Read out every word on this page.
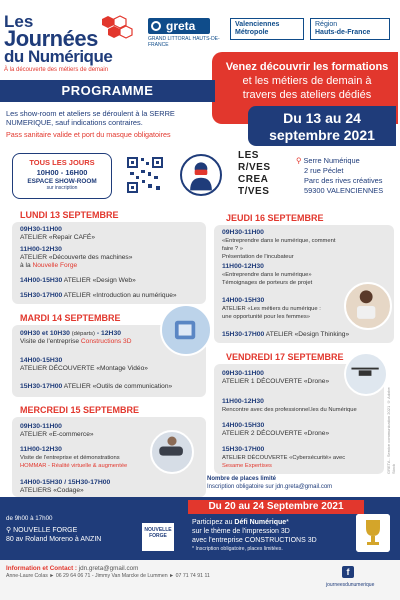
Les
Journées
du Numérique
À la découverte des métiers de demain
greta
GRAND LITTORAL HAUTS-DE-FRANCE
Valenciennes
Métropole
Région
Hauts-de-France
Venez découvrir les formations
et les métiers de demain à
travers des ateliers dédiés
PROGRAMME
Les show-room et ateliers se déroulent à la SERRE NUMERIQUE, sauf indications contraires.
Pass sanitaire valide et port du masque obligatoires
Du 13 au 24
septembre 2021
TOUS LES JOURS
10H00 - 16H00
ESPACE SHOW-ROOM
sur inscription
LES
R/VES
CREA
T/VES
⚲ Serre Numérique
2 rue Péclet
Parc des rives créatives
59300 VALENCIENNES
LUNDI 13 SEPTEMBRE
09H30-11H00
ATELIER «Repair CAFÉ»
11H00-12H30
ATELIER «Découverte des machines»
à la Nouvelle Forge
14H00-15H30 ATELIER «Design Web»
15H30-17H00 ATELIER «Introduction au numérique»
MARDI 14 SEPTEMBRE
09H30 et 10H30 (départs) - 12H30
Visite de l'entreprise Constructions 3D
14H00-15H30
ATELIER DÉCOUVERTE «Montage Vidéo»
15H30-17H00 ATELIER «Outils de communication»
MERCREDI 15 SEPTEMBRE
09H30-11H00
ATELIER «E-commerce»
11H00-12H30
Visite de l'entreprise et démonstrations
HOMMAR - Réalité virtuelle & augmentée
14H00-15H30 / 15H30-17H00
ATELIERS «Codage»
JEUDI 16 SEPTEMBRE
09H30-11H00
«Entreprendre dans le numérique, comment faire ? »
Présentation de l'incubateur
11H00-12H30
«Entreprendre dans le numérique»
Témoignages de porteurs de projet
14H00-15H30
ATELIER «Les métiers du numérique :
une opportunité pour les femmes»
15H30-17H00 ATELIER «Design Thinking»
VENDREDI 17 SEPTEMBRE
09H30-11H00
ATELIER 1 DÉCOUVERTE «Drone»
11H00-12H30
Rencontre avec des professionnel.les du Numérique
14H00-15H30
ATELIER 2 DÉCOUVERTE «Drone»
15H30-17H00
ATELIER DÉCOUVERTE «Cybersécurité» avec
Sesame Expertises	GRETA - Service communication 2021 © Adobe Stock
Nombre de places limité
Inscription obligatoire sur jdn.greta@gmail.com
Du 20 au 24 Septembre 2021
de 9h00 à 17h00
⚲ NOUVELLE FORGE
80 av Roland Moreno à ANZIN
NOUVELLE
FORGE
Participez au Défi Numérique*
sur le thème de l'impression 3D
avec l'entreprise CONSTRUCTIONS 3D
* Inscription obligatoire, places limitées.
Information et Contact : jdn.greta@gmail.com
Anne-Laure Colas ► 06 29 64 06 71 - Jimmy Van Marcke de Lummen ► 07 71 74 91 11	f
journeesdunumerique
